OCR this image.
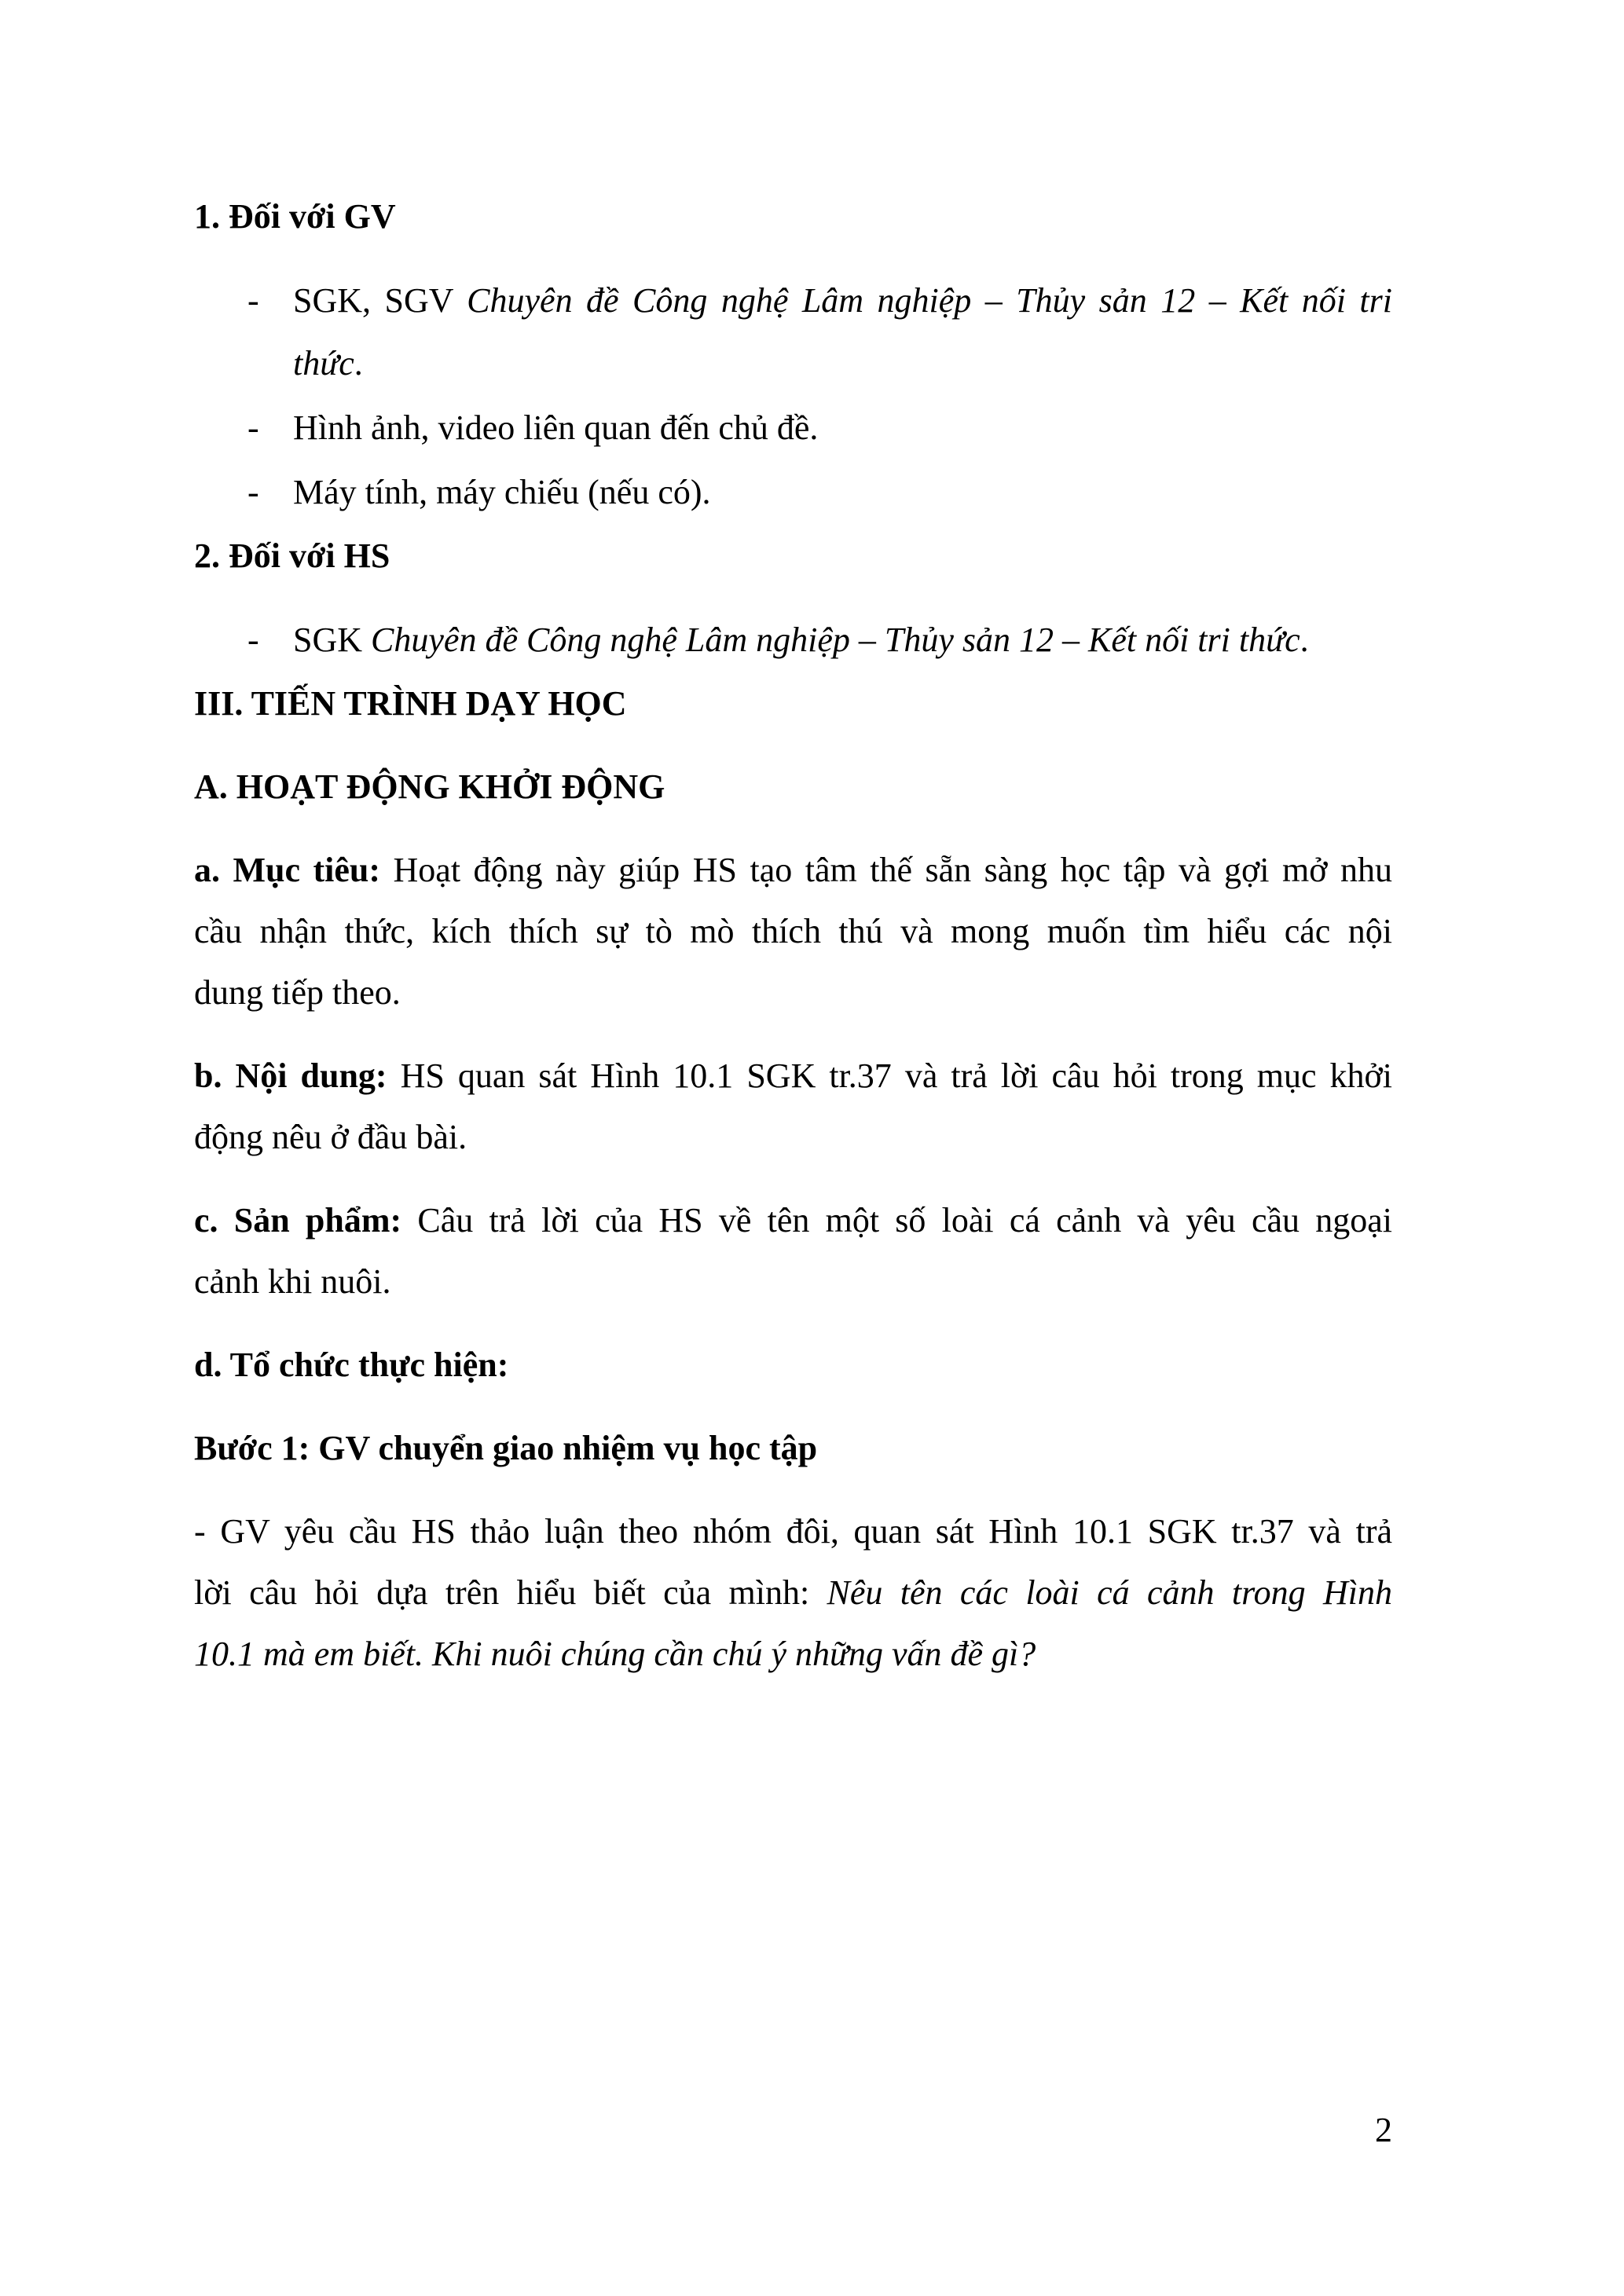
1. Đối với GV
- SGK, SGV Chuyên đề Công nghệ Lâm nghiệp – Thủy sản 12 – Kết nối tri
thức.
- Hình ảnh, video liên quan đến chủ đề.
- Máy tính, máy chiếu (nếu có).
2. Đối với HS
- SGK Chuyên đề Công nghệ Lâm nghiệp – Thủy sản 12 – Kết nối tri thức.
III. TIẾN TRÌNH DẠY HỌC
A. HOẠT ĐỘNG KHỞI ĐỘNG
a. Mục tiêu: Hoạt động này giúp HS tạo tâm thế sẵn sàng học tập và gợi mở nhu
cầu nhận thức, kích thích sự tò mò thích thú và mong muốn tìm hiểu các nội
dung tiếp theo.
b. Nội dung: HS quan sát Hình 10.1 SGK tr.37 và trả lời câu hỏi trong mục khởi
động nêu ở đầu bài.
c. Sản phẩm: Câu trả lời của HS về tên một số loài cá cảnh và yêu cầu ngoại
cảnh khi nuôi.
d. Tổ chức thực hiện:
Bước 1: GV chuyển giao nhiệm vụ học tập
- GV yêu cầu HS thảo luận theo nhóm đôi, quan sát Hình 10.1 SGK tr.37 và trả
lời câu hỏi dựa trên hiểu biết của mình: Nêu tên các loài cá cảnh trong Hình
10.1 mà em biết. Khi nuôi chúng cần chú ý những vấn đề gì?
2
